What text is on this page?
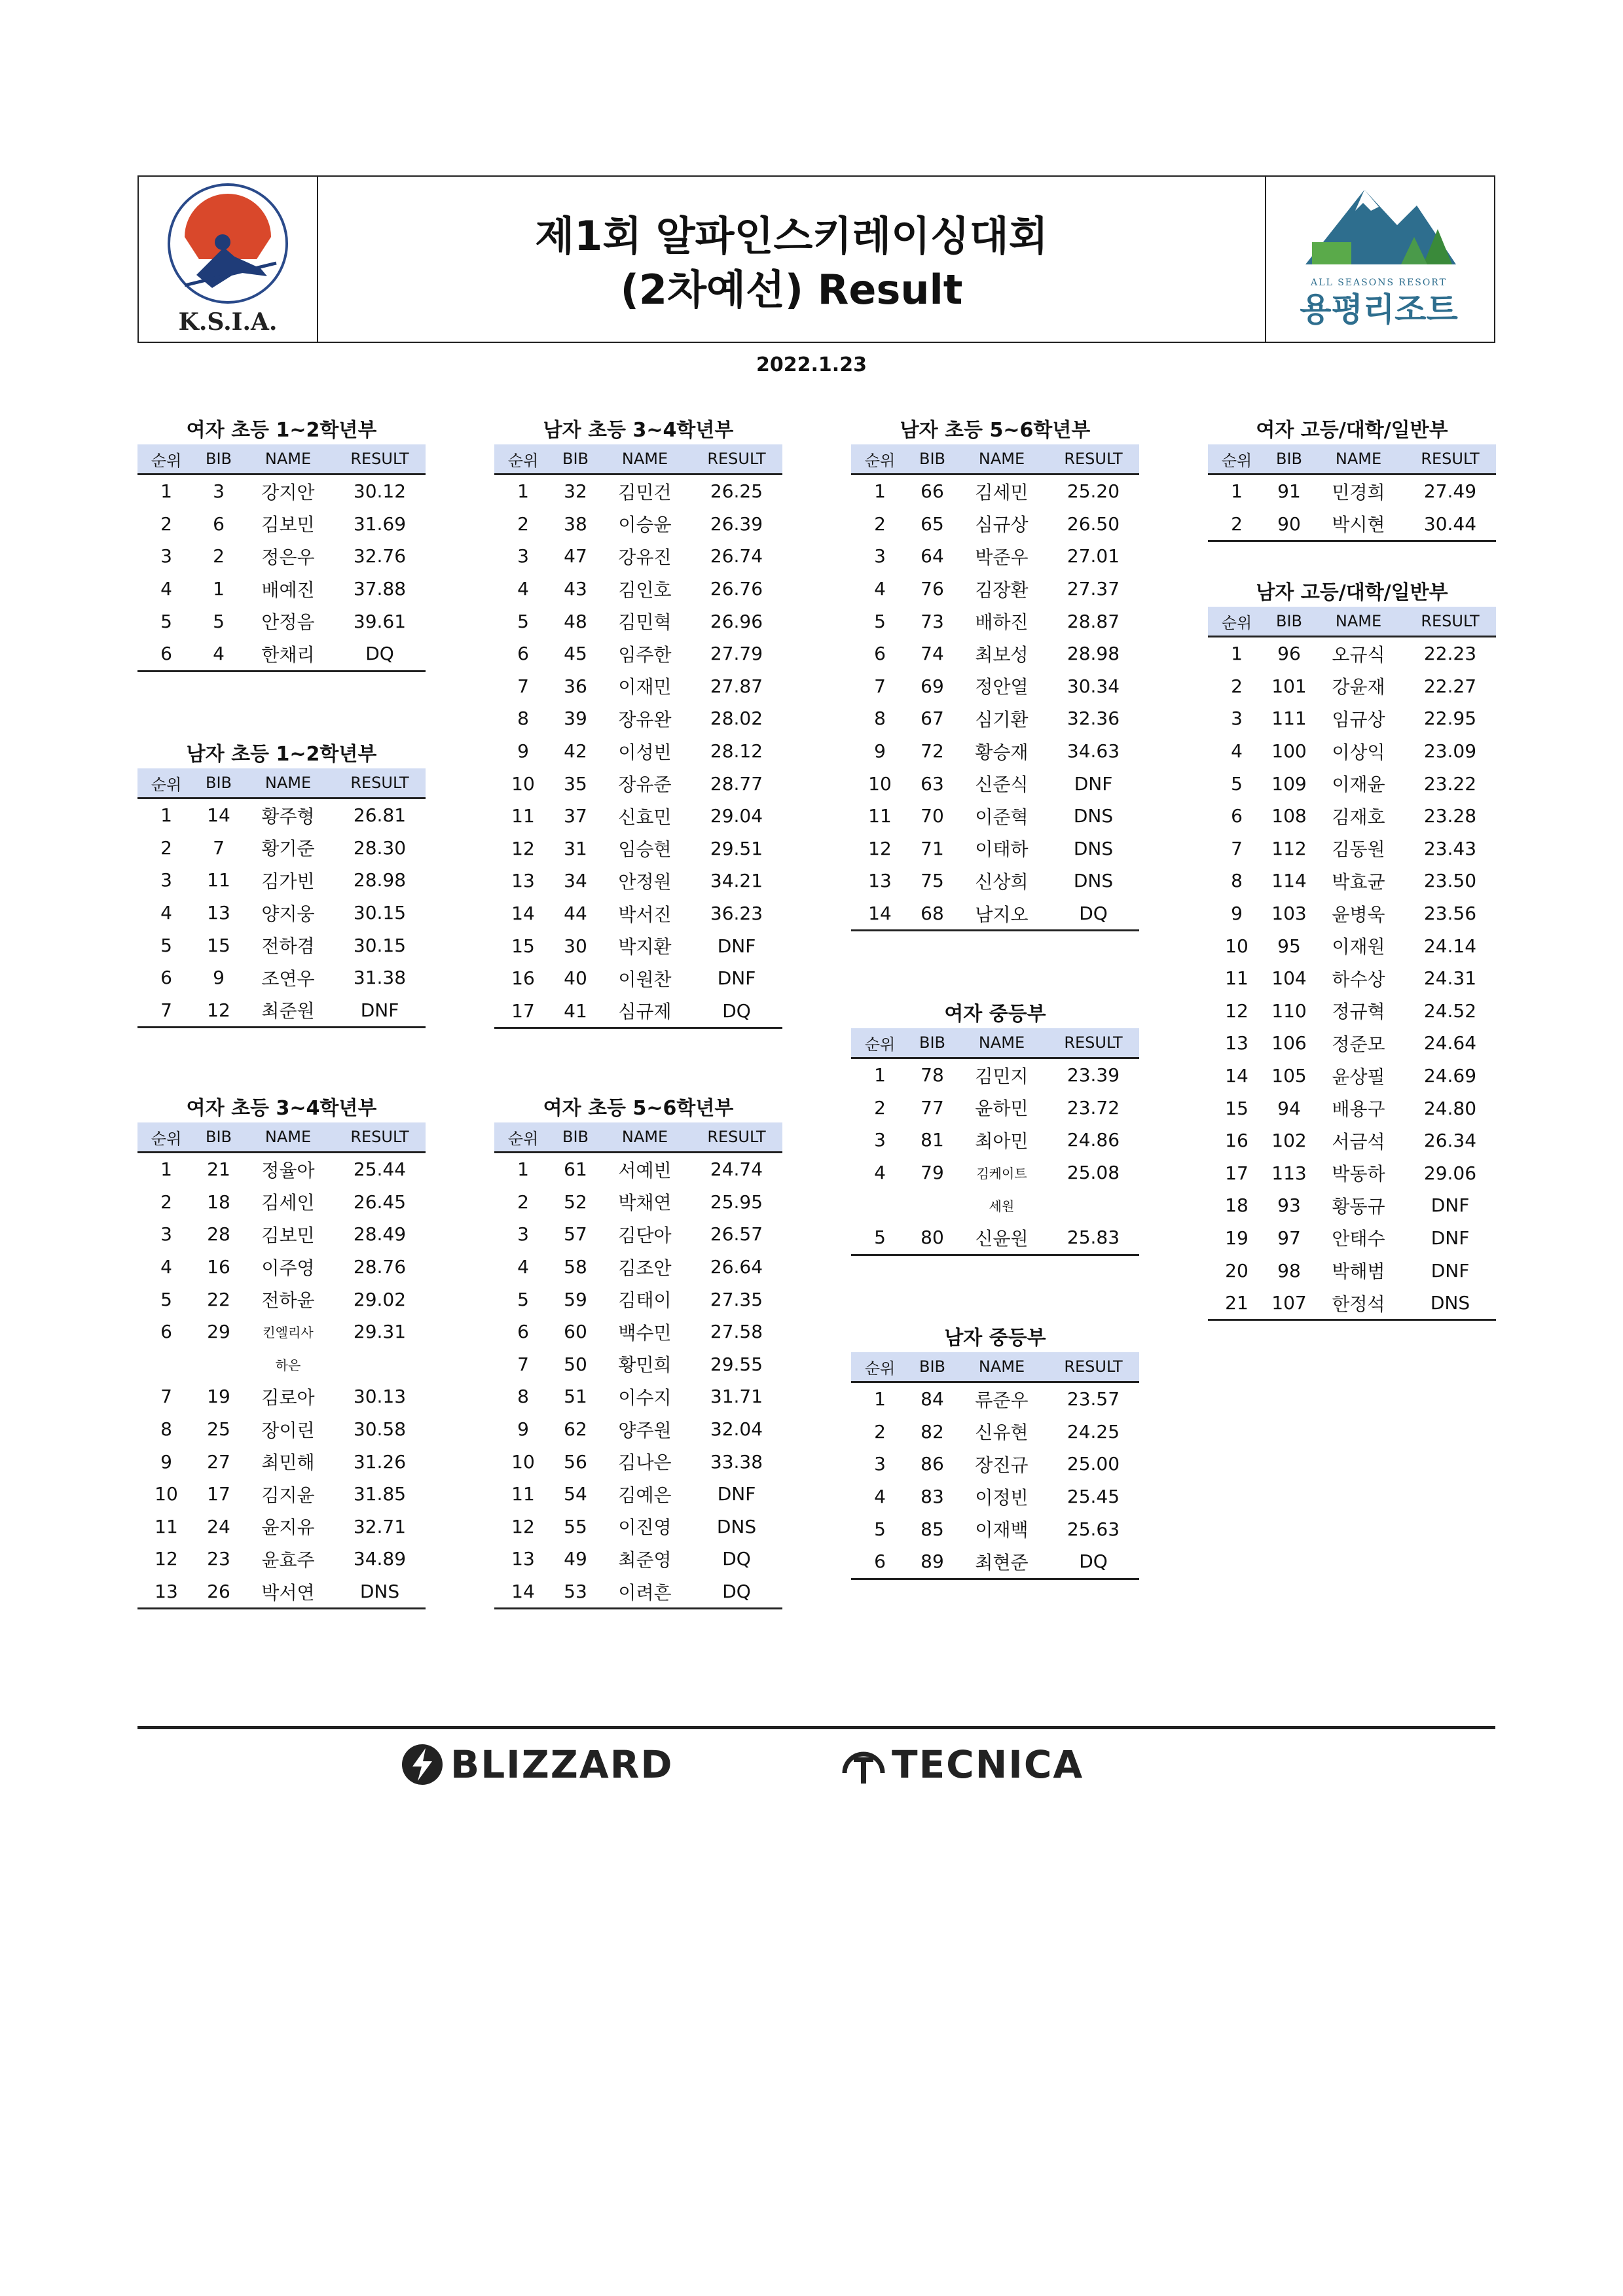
K.S.I.A.
제1회 알파인스키레이싱대회
(2차예선) Result	ALL SEASONS RESORT
용평리조트
2022.1.23
여자 초등 1~2학년부
순위	BIB	NAME	RESULT
1	3	강지안	30.12
2	6	김보민	31.69
3	2	정은우	32.76
4	1	배예진	37.88
5	5	안정음	39.61
6	4	한채리	DQ
남자 초등 1~2학년부
순위	BIB	NAME	RESULT
1	14	황주형	26.81
2	7	황기준	28.30
3	11	김가빈	28.98
4	13	양지웅	30.15
5	15	전하겸	30.15
6	9	조연우	31.38
7	12	최준원	DNF
여자 초등 3~4학년부
순위	BIB	NAME	RESULT
1	21	정율아	25.44
2	18	김세인	26.45
3	28	김보민	28.49
4	16	이주영	28.76
5	22	전하윤	29.02
6	29	킨엘리사	29.31
하은
7	19	김로아	30.13
8	25	장이린	30.58
9	27	최민해	31.26
10	17	김지윤	31.85
11	24	윤지유	32.71
12	23	윤효주	34.89
13	26	박서연	DNS
남자 초등 3~4학년부
순위	BIB	NAME	RESULT
1	32	김민건	26.25
2	38	이승윤	26.39
3	47	강유진	26.74
4	43	김인호	26.76
5	48	김민혁	26.96
6	45	임주한	27.79
7	36	이재민	27.87
8	39	장유완	28.02
9	42	이성빈	28.12
10	35	장유준	28.77
11	37	신효민	29.04
12	31	임승현	29.51
13	34	안정원	34.21
14	44	박서진	36.23
15	30	박지환	DNF
16	40	이원찬	DNF
17	41	심규제	DQ
여자 초등 5~6학년부
순위	BIB	NAME	RESULT
1	61	서예빈	24.74
2	52	박채연	25.95
3	57	김단아	26.57
4	58	김조안	26.64
5	59	김태이	27.35
6	60	백수민	27.58
7	50	황민희	29.55
8	51	이수지	31.71
9	62	양주원	32.04
10	56	김나은	33.38
11	54	김예은	DNF
12	55	이진영	DNS
13	49	최준영	DQ
14	53	이려흔	DQ
남자 초등 5~6학년부
순위	BIB	NAME	RESULT
1	66	김세민	25.20
2	65	심규상	26.50
3	64	박준우	27.01
4	76	김장환	27.37
5	73	배하진	28.87
6	74	최보성	28.98
7	69	정안열	30.34
8	67	심기환	32.36
9	72	황승재	34.63
10	63	신준식	DNF
11	70	이준혁	DNS
12	71	이태하	DNS
13	75	신상희	DNS
14	68	남지오	DQ
여자 중등부
순위	BIB	NAME	RESULT
1	78	김민지	23.39
2	77	윤하민	23.72
3	81	최아민	24.86
4	79	김케이트	25.08
세원
5	80	신윤원	25.83
남자 중등부
순위	BIB	NAME	RESULT
1	84	류준우	23.57
2	82	신유현	24.25
3	86	장진규	25.00
4	83	이정빈	25.45
5	85	이재백	25.63
6	89	최현준	DQ
여자 고등/대학/일반부
순위	BIB	NAME	RESULT
1	91	민경희	27.49
2	90	박시현	30.44
남자 고등/대학/일반부
순위	BIB	NAME	RESULT
1	96	오규식	22.23
2	101	강윤재	22.27
3	111	임규상	22.95
4	100	이상익	23.09
5	109	이재윤	23.22
6	108	김재호	23.28
7	112	김동원	23.43
8	114	박효균	23.50
9	103	윤병욱	23.56
10	95	이재원	24.14
11	104	하수상	24.31
12	110	정규혁	24.52
13	106	정준모	24.64
14	105	윤상필	24.69
15	94	배용구	24.80
16	102	서금석	26.34
17	113	박동하	29.06
18	93	황동규	DNF
19	97	안태수	DNF
20	98	박해범	DNF
21	107	한정석	DNS
BLIZZARD	TECNICA
